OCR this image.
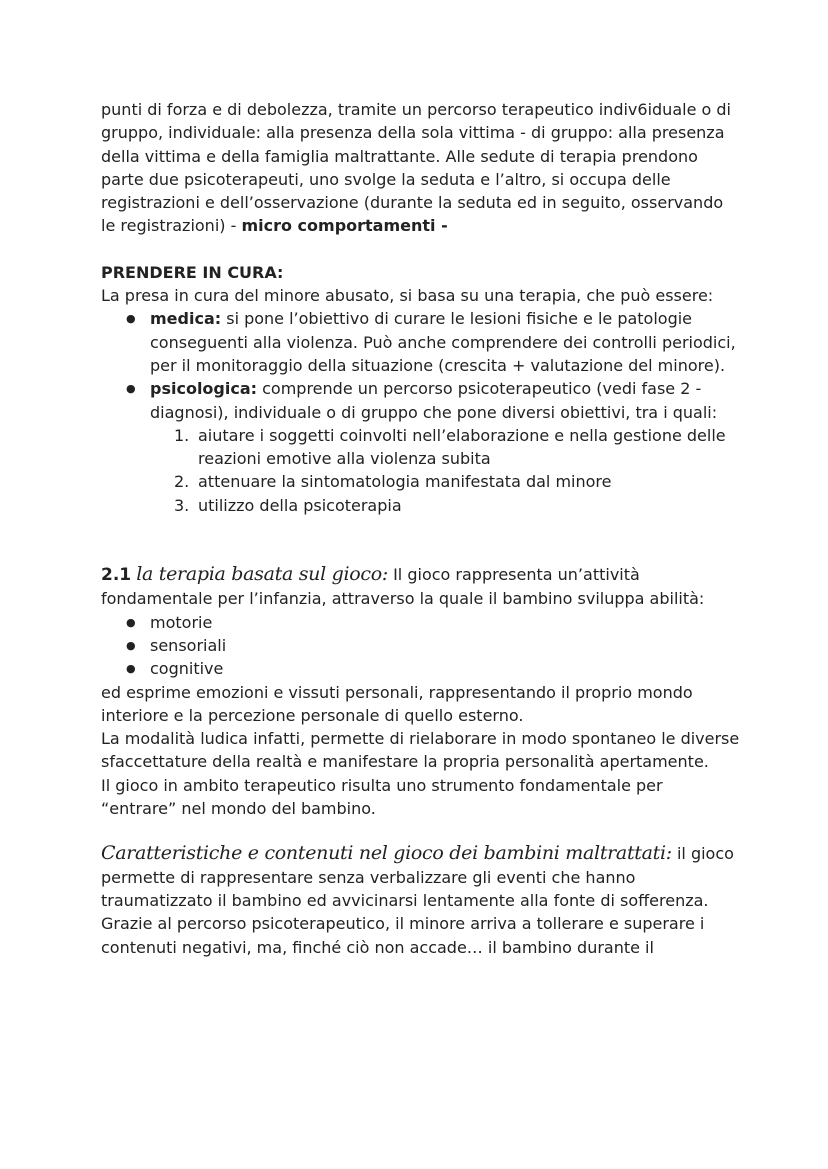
punti di forza e di debolezza, tramite un percorso terapeutico indiv6iduale o di gruppo, individuale: alla presenza della sola vittima - di gruppo: alla presenza della vittima e della famiglia maltrattante. Alle sedute di terapia prendono parte due psicoterapeuti, uno svolge la seduta e l’altro, si occupa delle registrazioni e dell’osservazione (durante la seduta ed in seguito, osservando le registrazioni) - micro comportamenti -

PRENDERE IN CURA:

La presa in cura del minore abusato, si basa su una terapia, che può essere:

● medica: si pone l’obiettivo di curare le lesioni fisiche e le patologie conseguenti alla violenza. Può anche comprendere dei controlli periodici, per il monitoraggio della situazione (crescita + valutazione del minore).
● psicologica: comprende un percorso psicoterapeutico (vedi fase 2 - diagnosi), individuale o di gruppo che pone diversi obiettivi, tra i quali:
1. aiutare i soggetti coinvolti nell’elaborazione e nella gestione delle reazioni emotive alla violenza subita
2. attenuare la sintomatologia manifestata dal minore
3. utilizzo della psicoterapia

2.1 la terapia basata sul gioco: Il gioco rappresenta un’attività fondamentale per l’infanzia, attraverso la quale il bambino sviluppa abilità:

● motorie
● sensoriali
● cognitive

ed esprime emozioni e vissuti personali, rappresentando il proprio mondo interiore e la percezione personale di quello esterno.

La modalità ludica infatti, permette di rielaborare in modo spontaneo le diverse sfaccettature della realtà e manifestare la propria personalità apertamente.

Il gioco in ambito terapeutico risulta uno strumento fondamentale per “entrare” nel mondo del bambino.

Caratteristiche e contenuti nel gioco dei bambini maltrattati: il gioco permette di rappresentare senza verbalizzare gli eventi che hanno traumatizzato il bambino ed avvicinarsi lentamente alla fonte di sofferenza.

Grazie al percorso psicoterapeutico, il minore arriva a tollerare e superare i contenuti negativi, ma, finché ciò non accade… il bambino durante il
